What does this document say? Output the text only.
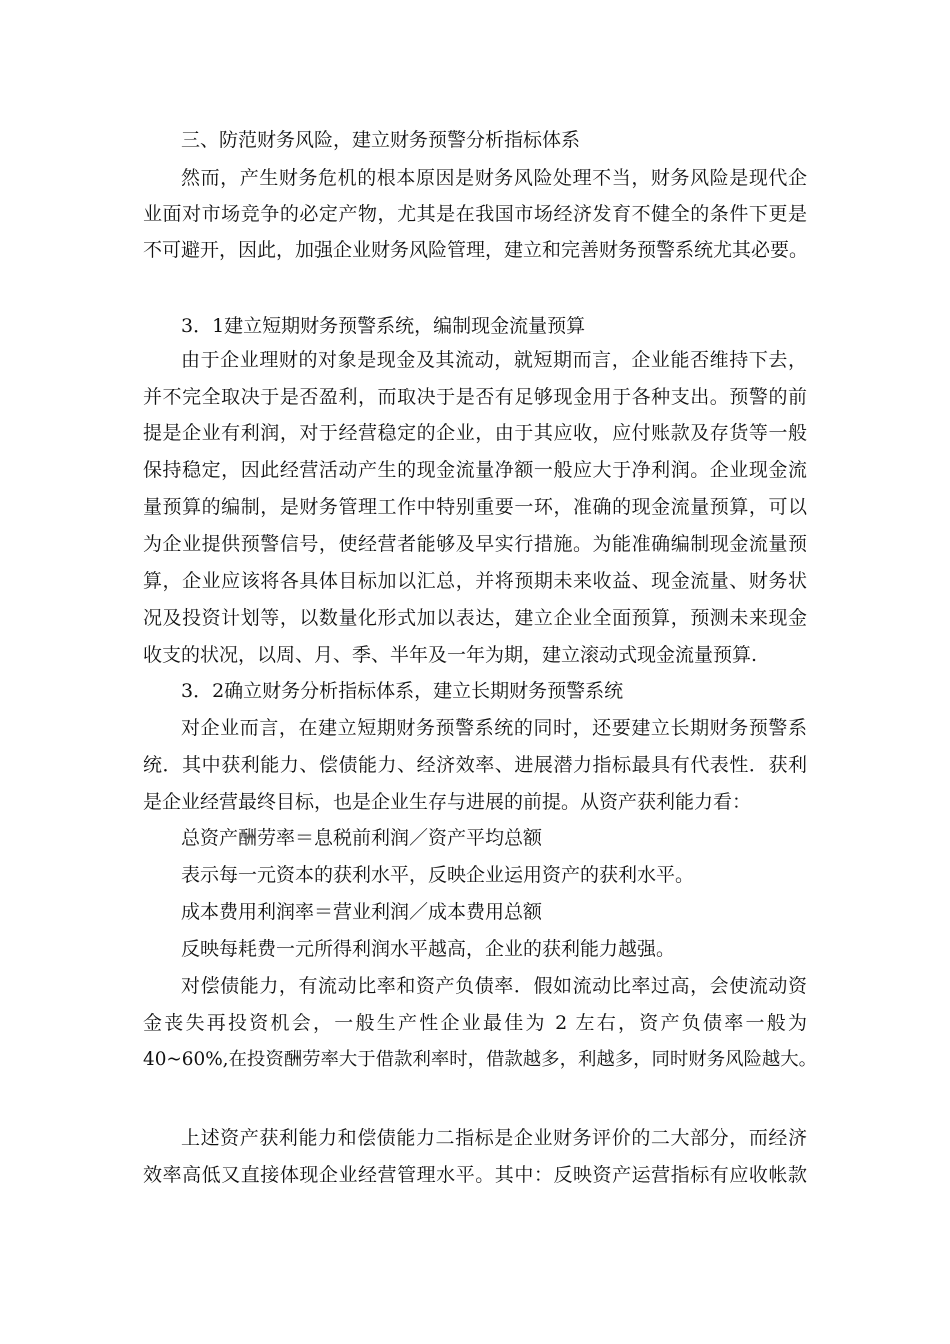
三、防范财务风险，建立财务预警分析指标体系

然而，产生财务危机的根本原因是财务风险处理不当，财务风险是现代企

业面对市场竞争的必定产物，尤其是在我国市场经济发育不健全的条件下更是

不可避开，因此，加强企业财务风险管理，建立和完善财务预警系统尤其必要。

3．1建立短期财务预警系统，编制现金流量预算

由于企业理财的对象是现金及其流动，就短期而言，企业能否维持下去，

并不完全取决于是否盈利，而取决于是否有足够现金用于各种支出。预警的前

提是企业有利润，对于经营稳定的企业，由于其应收，应付账款及存货等一般

保持稳定，因此经营活动产生的现金流量净额一般应大于净利润。企业现金流

量预算的编制，是财务管理工作中特别重要一环，准确的现金流量预算，可以

为企业提供预警信号，使经营者能够及早实行措施。为能准确编制现金流量预

算，企业应该将各具体目标加以汇总，并将预期未来收益、现金流量、财务状

况及投资计划等，以数量化形式加以表达，建立企业全面预算，预测未来现金

收支的状况，以周、月、季、半年及一年为期，建立滚动式现金流量预算.

3．2确立财务分析指标体系，建立长期财务预警系统

对企业而言，在建立短期财务预警系统的同时，还要建立长期财务预警系

统．其中获利能力、偿债能力、经济效率、进展潜力指标最具有代表性．获利

是企业经营最终目标，也是企业生存与进展的前提。从资产获利能力看：

总资产酬劳率＝息税前利润／资产平均总额

表示每一元资本的获利水平，反映企业运用资产的获利水平。

成本费用利润率＝营业利润／成本费用总额

反映每耗费一元所得利润水平越高，企业的获利能力越强。

对偿债能力，有流动比率和资产负债率．假如流动比率过高，会使流动资

金丧失再投资机会，一般生产性企业最佳为 2 左右，资产负债率一般为

40~60%,在投资酬劳率大于借款利率时，借款越多，利越多，同时财务风险越大。

上述资产获利能力和偿债能力二指标是企业财务评价的二大部分，而经济

效率高低又直接体现企业经营管理水平。其中：反映资产运营指标有应收帐款
